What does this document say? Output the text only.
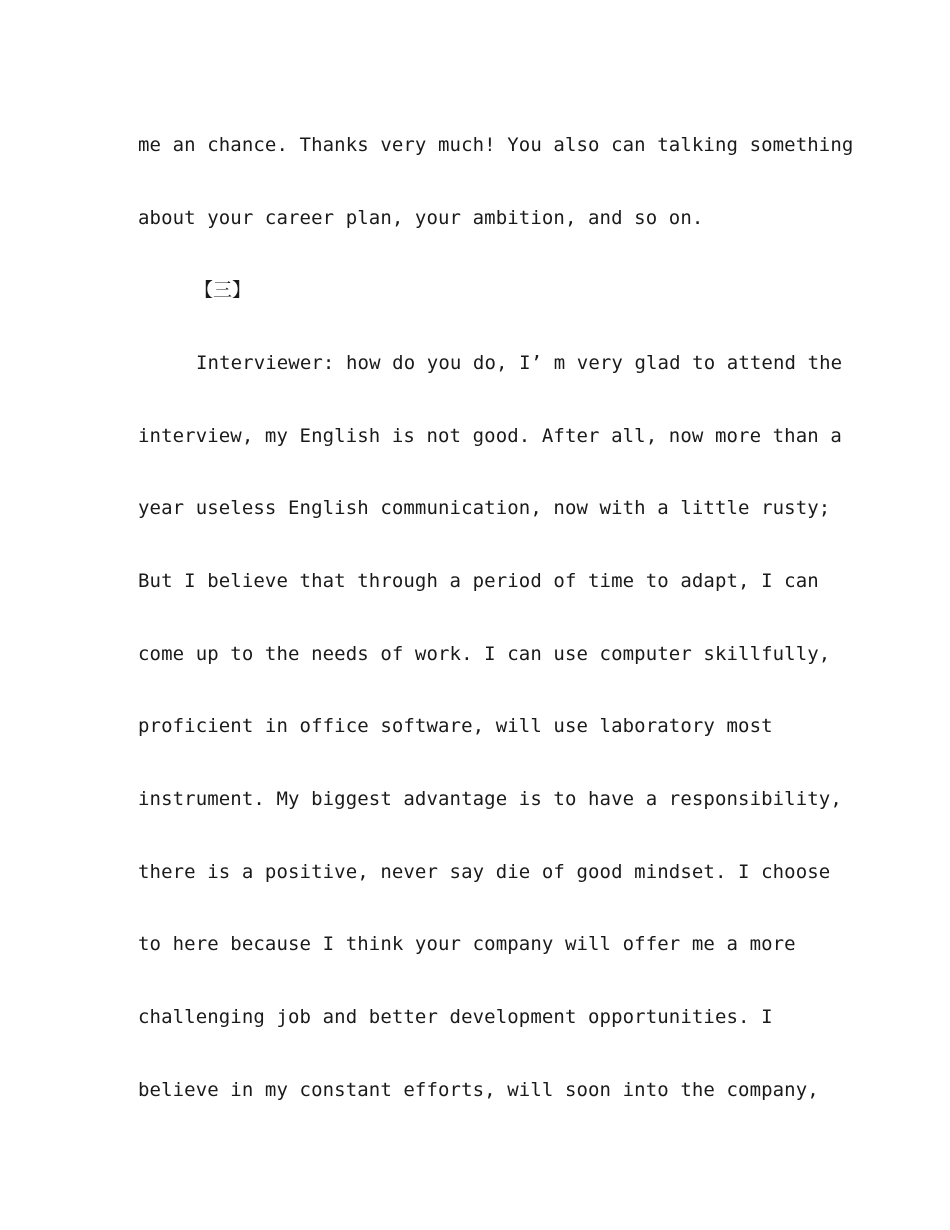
me an chance. Thanks very much! You also can talking something
about your career plan, your ambition, and so on.
【三】
Interviewer: how do you do, I’ m very glad to attend the
interview, my English is not good. After all, now more than a
year useless English communication, now with a little rusty;
But I believe that through a period of time to adapt, I can
come up to the needs of work. I can use computer skillfully,
proficient in office software, will use laboratory most
instrument. My biggest advantage is to have a responsibility,
there is a positive, never say die of good mindset. I choose
to here because I think your company will offer me a more
challenging job and better development opportunities. I
believe in my constant efforts, will soon into the company,
